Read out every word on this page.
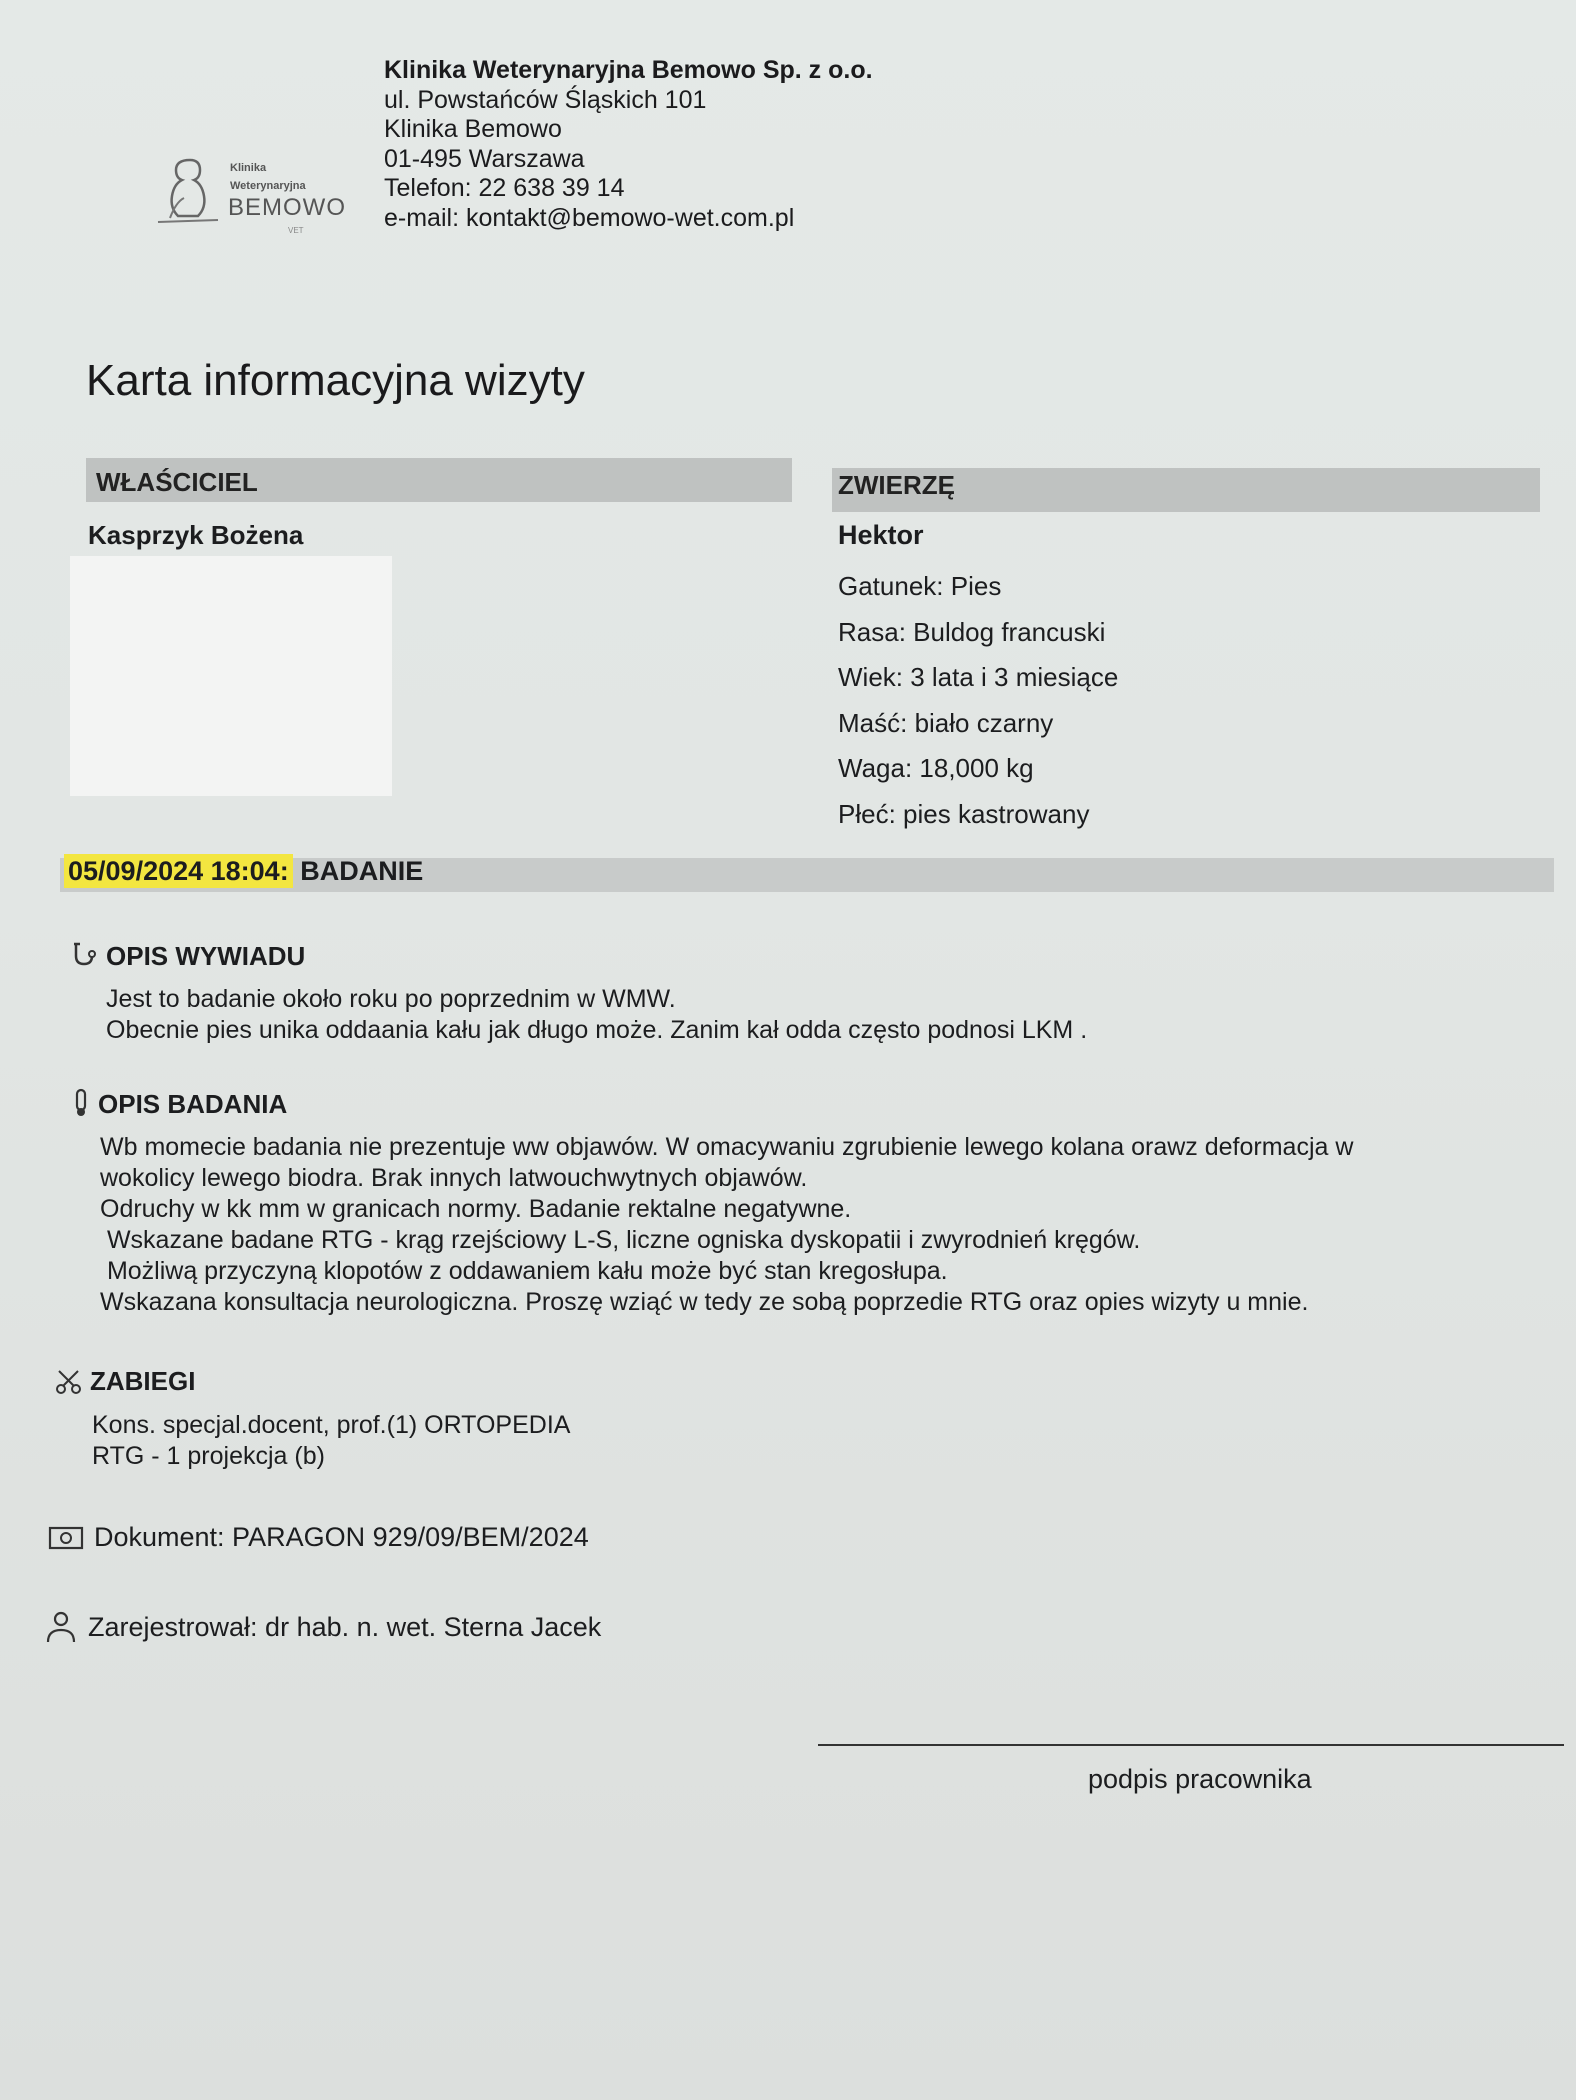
Klinika
Weterynaryjna
BEMOWO
VET
Klinika Weterynaryjna Bemowo Sp. z o.o.
ul. Powstańców Śląskich 101
Klinika Bemowo
01-495 Warszawa
Telefon: 22 638 39 14
e-mail: kontakt@bemowo-wet.com.pl
Karta informacyjna wizyty
WŁAŚCICIEL
Kasprzyk Bożena
ZWIERZĘ
Hektor
Gatunek: Pies
Rasa: Buldog francuski
Wiek: 3 lata i 3 miesiące
Maść: biało czarny
Waga: 18,000 kg
Płeć: pies kastrowany
05/09/2024 18:04: BADANIE
OPIS WYWIADU
Jest to badanie około roku po poprzednim w WMW.
Obecnie pies unika oddaania kału jak długo może. Zanim kał odda często podnosi LKM .
OPIS BADANIA
Wb momecie badania nie prezentuje ww objawów. W omacywaniu zgrubienie lewego kolana orawz deformacja w
wokolicy lewego biodra. Brak innych latwouchwytnych objawów.
Odruchy w kk mm w granicach normy. Badanie rektalne negatywne.
Wskazane badane RTG - krąg rzejściowy L-S, liczne ogniska dyskopatii i zwyrodnień kręgów.
Możliwą przyczyną klopotów z oddawaniem kału może być stan kregosłupa.
Wskazana konsultacja neurologiczna. Proszę wziąć w tedy ze sobą poprzedie RTG oraz opies wizyty u mnie.
ZABIEGI
Kons. specjal.docent, prof.(1) ORTOPEDIA
RTG - 1 projekcja (b)
Dokument: PARAGON 929/09/BEM/2024
Zarejestrował: dr hab. n. wet. Sterna Jacek
podpis pracownika
